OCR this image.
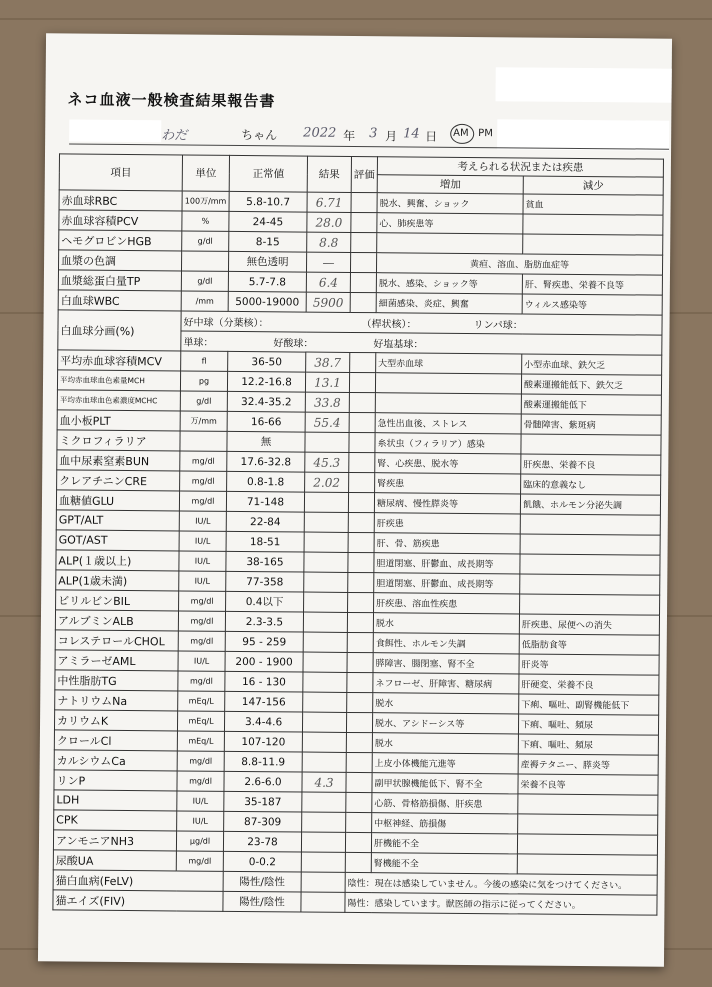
ネコ血液一般検査結果報告書
わだ	ちゃん 2022 年 3 月 14 日 AM PM
項目	単位	正常値	結果	評価	考えられる状況または疾患	
					増加	減少
赤血球RBC	100万/mm	5.8-10.7	6.71		脱水、興奮、ショック	貧血
赤血球容積PCV	%	24-45	28.0		心、肺疾患等	
ヘモグロビンHGB	g/dl	8-15	8.8			
血漿の色調		無色透明	—		黄疸、溶血、脂肪血症等	
血漿総蛋白量TP	g/dl	5.7-7.8	6.4		脱水、感染、ショック等	肝、腎疾患、栄養不良等
白血球WBC	/mm	5000-19000	5900		細菌感染、炎症、興奮	ウィルス感染等
白血球分画(%)	好中球（分葉核）： （桿状核）： リンパ球：					
	単球： 好酸球： 好塩基球：					
平均赤血球容積MCV	fl	36-50	38.7		大型赤血球	小型赤血球、鉄欠乏
平均赤血球血色素量MCH	pg	12.2-16.8	13.1			酸素運搬能低下、鉄欠乏
平均赤血球血色素濃度MCHC	g/dl	32.4-35.2	33.8			酸素運搬能低下
血小板PLT	万/mm	16-66	55.4		急性出血後、ストレス	骨髄障害、紫斑病
ミクロフィラリア		無			糸状虫（フィラリア）感染	
血中尿素窒素BUN	mg/dl	17.6-32.8	45.3		腎、心疾患、脱水等	肝疾患、栄養不良
クレアチニンCRE	mg/dl	0.8-1.8	2.02		腎疾患	臨床的意義なし
血糖値GLU	mg/dl	71-148			糖尿病、慢性膵炎等	飢餓、ホルモン分泌失調
GPT/ALT	IU/L	22-84			肝疾患	
GOT/AST	IU/L	18-51			肝、骨、筋疾患	
ALP(１歳以上)	IU/L	38-165			胆道閉塞、肝鬱血、成長期等	
ALP(1歳未満)	IU/L	77-358			胆道閉塞、肝鬱血、成長期等	
ビリルビンBIL	mg/dl	0.4以下			肝疾患、溶血性疾患	
アルブミンALB	mg/dl	2.3-3.5			脱水	肝疾患、尿便への消失
コレステロールCHOL	mg/dl	95 - 259			食餌性、ホルモン失調	低脂肪食等
アミラーゼAML	IU/L	200 - 1900			膵障害、腸閉塞、腎不全	肝炎等
中性脂肪TG	mg/dl	16 - 130			ネフローゼ、肝障害、糖尿病	肝硬変、栄養不良
ナトリウムNa	mEq/L	147-156			脱水	下痢、嘔吐、副腎機能低下
カリウムK	mEq/L	3.4-4.6			脱水、アシドーシス等	下痢、嘔吐、頻尿
クロールCl	mEq/L	107-120			脱水	下痢、嘔吐、頻尿
カルシウムCa	mg/dl	8.8-11.9			上皮小体機能亢進等	産褥テタニー、膵炎等
リンP	mg/dl	2.6-6.0	4.3		副甲状腺機能低下、腎不全	栄養不良等
LDH	IU/L	35-187			心筋、骨格筋損傷、肝疾患	
CPK	IU/L	87-309			中枢神経、筋損傷	
アンモニアNH3	µg/dl	23-78			肝機能不全	
尿酸UA	mg/dl	0-0.2			腎機能不全	
猫白血病(FeLV)		陽性/陰性		陰性：現在は感染していません。今後の感染に気をつけてください。		
猫エイズ(FIV)		陽性/陰性		陽性：感染しています。獣医師の指示に従ってください。		
